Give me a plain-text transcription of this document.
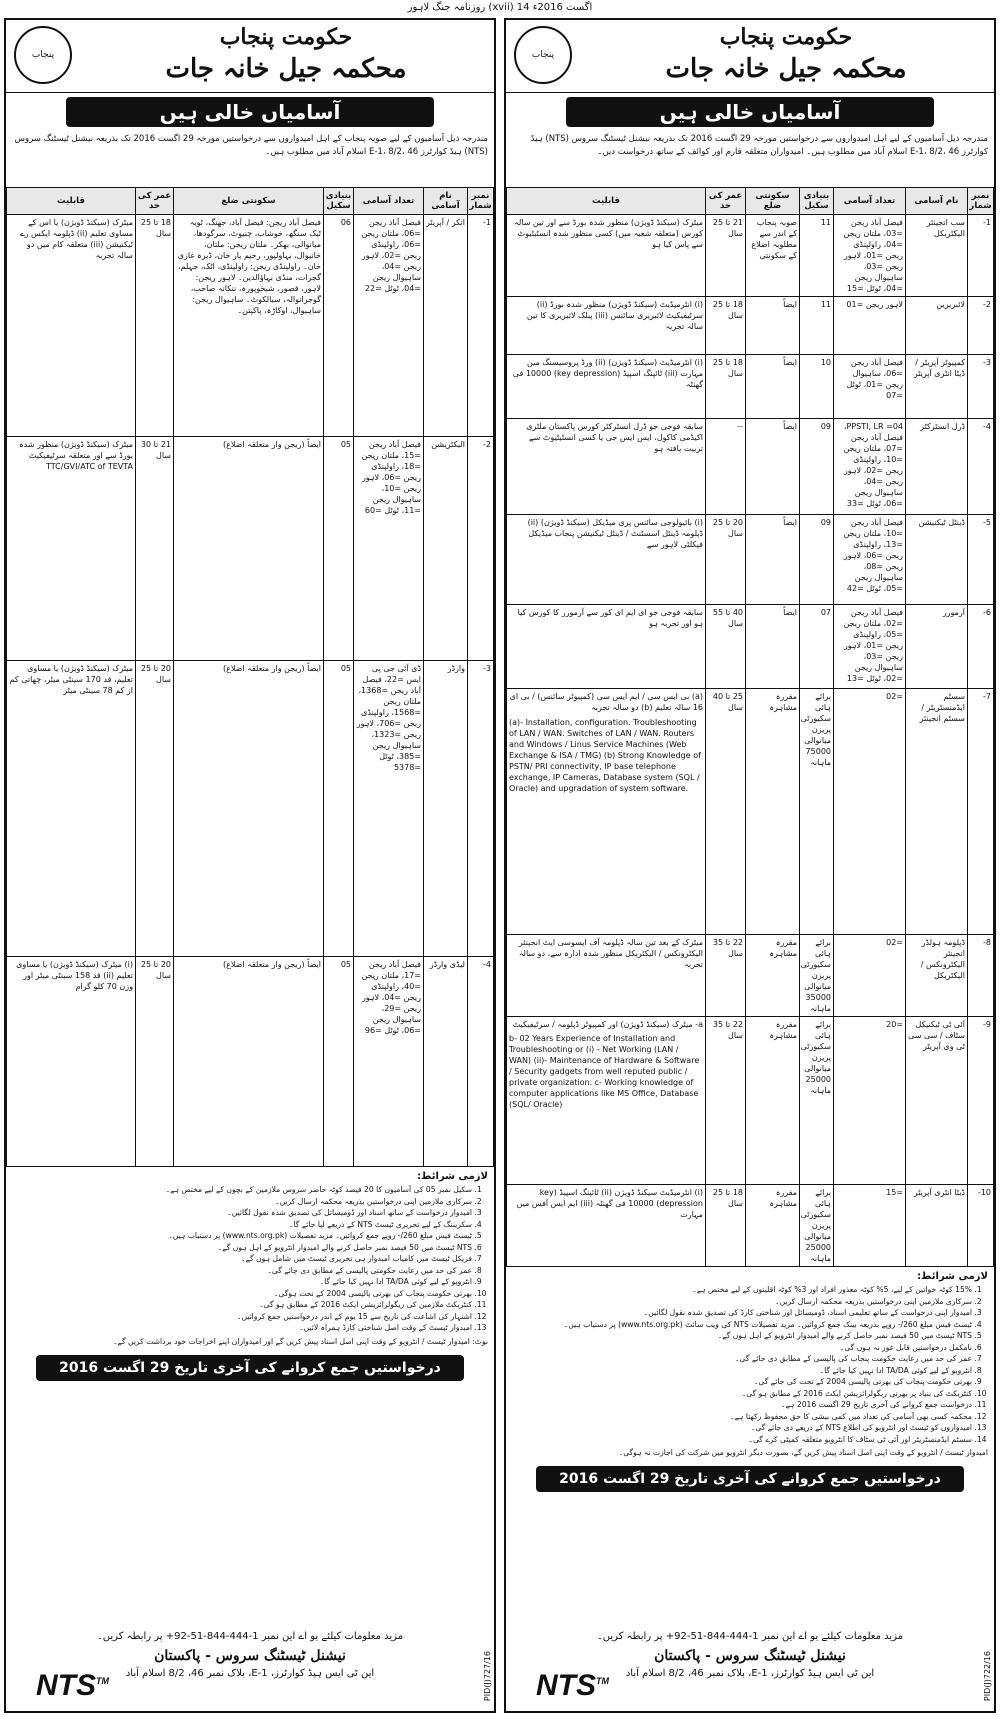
روزنامہ جنگ لاہور (xvii) 14 اگست 2016ء
پنجاب
حکومت پنجاب
محکمہ جیل خانہ جات
آسامیاں خالی ہیں
مندرجہ ذیل آسامیوں کے لیے اہل امیدواروں سے درخواستیں مورخہ 29 اگست 2016 تک بذریعہ نیشنل ٹیسٹنگ سروس (NTS) ہیڈ کوارٹرز E-1، 8/2، 46 اسلام آباد میں مطلوب ہیں۔ امیدواران متعلقہ فارم اور کوائف کے ساتھ درخواست دیں۔
نمبر شمار	نام آسامی	تعداد آسامی	بنیادی سکیل	سکونتی ضلع	عمر کی حد	قابلیت
1-	سب انجینئر الیکٹریکل	فیصل آباد ریجن =03، ملتان ریجن =04، راولپنڈی ریجن =01، لاہور ریجن =03، ساہیوال ریجن =04، ٹوٹل =15	11	صوبہ پنجاب کے اندر سے مطلوبہ اضلاع کے سکونتی	21 تا 25 سال	میٹرک (سیکنڈ ڈویژن) منظور شدہ بورڈ سے اور تین سالہ کورس (متعلقہ شعبہ میں) کسی منظور شدہ انسٹیٹیوٹ سے پاس کیا ہو
2-	لائبریرین	لاہور ریجن =01	11	ایضاً	18 تا 25 سال	(i) انٹرمیڈیٹ (سیکنڈ ڈویژن) منظور شدہ بورڈ (ii) سرٹیفیکیٹ لائبریری سائنس (iii) پبلک لائبریری کا تین سالہ تجربہ
3-	کمپیوٹر آپریٹر / ڈیٹا انٹری آپریٹر	فیصل آباد ریجن =06، ساہیوال ریجن =01، ٹوٹل =07	10	ایضاً	18 تا 25 سال	(i) انٹرمیڈیٹ (سیکنڈ ڈویژن) (ii) ورڈ پروسیسنگ میں مہارت (iii) ٹائپنگ اسپیڈ (key depression) 10000 فی گھنٹہ
4-	ڈرل انسٹرکٹر	PPSTI, LR =04، فیصل آباد ریجن =07، ملتان ریجن =10، راولپنڈی ریجن =02، لاہور ریجن =04، ساہیوال ریجن =06، ٹوٹل =33	09	ایضاً	--	سابقہ فوجی جو ڈرل انسٹرکٹر کورس پاکستان ملٹری اکیڈمی کاکول، ایس ایس جی یا کسی انسٹیٹیوٹ سے تربیت یافتہ ہو
5-	ڈینٹل ٹیکنیشن	فیصل آباد ریجن =10، ملتان ریجن =13، راولپنڈی ریجن =06، لاہور ریجن =08، ساہیوال ریجن =05، ٹوٹل =42	09	ایضاً	20 تا 25 سال	(i) بائیولوجی سائنس پری میڈیکل (سیکنڈ ڈویژن) (ii) ڈپلومہ ڈینٹل اسسٹنٹ / ڈینٹل ٹیکنیشن پنجاب میڈیکل فیکلٹی لاہور سے
6-	آرمورر	فیصل آباد ریجن =02، ملتان ریجن =05، راولپنڈی ریجن =01، لاہور ریجن =03، ساہیوال ریجن =02، ٹوٹل =13	07	ایضاً	40 تا 55 سال	سابقہ فوجی جو ای ایم ای کور سے آرمورر کا کورس کیا ہو اور تجربہ ہو
7-	سسٹم ایڈمنسٹریٹر / سسٹم انجینئر	=02	برائے ہائی سکیورٹی پریزن میانوالی 75000 ماہانہ	مقررہ مشاہرہ	25 تا 40 سال	(a) بی ایس سی / ایم ایس سی (کمپیوٹر سائنس) / بی ای 16 سالہ تعلیم (b) دو سالہ تجربہ
(a)- Installation, configuration. Troubleshooting of LAN / WAN. Switches of LAN / WAN. Routers and Windows / Linus Service Machines (Web Exchange & ISA / TMG) (b) Strong Knowledge of PSTN/ PRI connectivity, IP base telephone exchange, IP Cameras, Database system (SQL / Oracle) and upgradation of system software.

8-	ڈپلومہ ہولڈر انجینئر الیکٹرونکس / الیکٹریکل	=02	برائے ہائی سکیورٹی پریزن میانوالی 35000 ماہانہ	مقررہ مشاہرہ	22 تا 35 سال	میٹرک کے بعد تین سالہ ڈپلومہ آف ایسوسی ایٹ انجینئر الیکٹرونکس / الیکٹریکل منظور شدہ ادارہ سے، دو سالہ تجربہ
9-	آئی ٹی ٹیکنیکل سٹاف / سی سی ٹی وی آپریٹر	=20	برائے ہائی سکیورٹی پریزن میانوالی 25000 ماہانہ	مقررہ مشاہرہ	22 تا 35 سال	a- میٹرک (سیکنڈ ڈویژن) اور کمپیوٹر ڈپلومہ / سرٹیفیکیٹ
b- 02 Years Experience of Installation and Troubleshooting or (i) - Net Working (LAN / WAN) (ii)- Maintenance of Hardware & Software / Security gadgets from well reputed public / private organization. c- Working knowledge of computer applications like MS Office, Database (SQL/ Oracle)

10-	ڈیٹا انٹری آپریٹر	=15	برائے ہائی سکیورٹی پریزن میانوالی 25000 ماہانہ	مقررہ مشاہرہ	18 تا 25 سال	(i) انٹرمیڈیٹ سیکنڈ ڈویژن (ii) ٹائپنگ اسپیڈ (key depression) 10000 فی گھنٹہ (iii) ایم ایس آفس میں مہارت
لازمی شرائط:
1. 15% کوٹہ خواتین کے لیے، 5% کوٹہ معذور افراد اور 3% کوٹہ اقلیتوں کے لیے مختص ہے۔
2. سرکاری ملازمین اپنی درخواستیں بذریعہ محکمہ ارسال کریں۔
3. امیدوار اپنی درخواست کے ساتھ تعلیمی اسناد، ڈومیسائل اور شناختی کارڈ کی تصدیق شدہ نقول لگائیں۔
4. ٹیسٹ فیس مبلغ 260/- روپے بذریعہ بینک جمع کروائیں۔ مزید تفصیلات NTS کی ویب سائٹ (www.nts.org.pk) پر دستیاب ہیں۔
5. NTS ٹیسٹ میں 50 فیصد نمبر حاصل کرنے والے امیدوار انٹرویو کے اہل ہوں گے۔
6. نامکمل درخواستیں قابل غور نہ ہوں گی۔
7. عمر کی حد میں رعایت حکومت پنجاب کی پالیسی کے مطابق دی جائے گی۔
8. انٹرویو کے لیے کوئی TA/DA ادا نہیں کیا جائے گا۔
9. بھرتی حکومت پنجاب کی بھرتی پالیسی 2004 کے تحت کی جائے گی۔
10. کنٹریکٹ کی بنیاد پر بھرتی ریگولرائزیشن ایکٹ 2016 کے مطابق ہو گی۔
11. درخواست جمع کروانے کی آخری تاریخ 29 اگست 2016 ہے۔
12. محکمہ کسی بھی آسامی کی تعداد میں کمی بیشی کا حق محفوظ رکھتا ہے۔
13. امیدواروں کو ٹیسٹ اور انٹرویو کی اطلاع NTS کے ذریعے دی جائے گی۔
14. سسٹم ایڈمنسٹریٹر اور آئی ٹی سٹاف کا انٹرویو متعلقہ کمیٹی کرے گی۔
امیدوار ٹیسٹ / انٹرویو کے وقت اپنی اصل اسناد پیش کریں گے، بصورت دیگر انٹرویو میں شرکت کی اجازت نہ ہوگی۔
درخواستیں جمع کروانے کی آخری تاریخ 29 اگست 2016
مزید معلومات کیلئے یو اے این نمبر 1-444-844-51-92+ پر رابطہ کریں۔
نیشنل ٹیسٹنگ سروس - پاکستان
این ٹی ایس ہیڈ کوارٹرز، E-1، بلاک نمبر 46، 8/2 اسلام آباد
NTS™	PID(J)722/16
پنجاب
حکومت پنجاب
محکمہ جیل خانہ جات
آسامیاں خالی ہیں
مندرجہ ذیل آسامیوں کے لیے صوبہ پنجاب کے اہل امیدواروں سے درخواستیں مورخہ 29 اگست 2016 تک بذریعہ نیشنل ٹیسٹنگ سروس (NTS) ہیڈ کوارٹرز E-1، 8/2، 46 اسلام آباد میں مطلوب ہیں۔
نمبر شمار	نام آسامی	تعداد آسامی	بنیادی سکیل	سکونتی ضلع	عمر کی حد	قابلیت
1-	انکر / آپریٹر	فیصل آباد ریجن =06، ملتان ریجن =06، راولپنڈی ریجن =02، لاہور ریجن =04، ساہیوال ریجن =04، ٹوٹل =22	06	فیصل آباد ریجن: فیصل آباد، جھنگ، ٹوبہ ٹیک سنگھ، خوشاب، چنیوٹ، سرگودھا، میانوالی، بھکر۔ ملتان ریجن: ملتان، خانیوال، بہاولپور، رحیم یار خان، ڈیرہ غازی خان۔ راولپنڈی ریجن: راولپنڈی، اٹک، جہلم، گجرات، منڈی بہاؤالدین۔ لاہور ریجن: لاہور، قصور، شیخوپورہ، ننکانہ صاحب، گوجرانوالہ، سیالکوٹ۔ ساہیوال ریجن: ساہیوال، اوکاڑہ، پاکپتن۔	18 تا 25 سال	میٹرک (سیکنڈ ڈویژن) یا اس کے مساوی تعلیم (ii) ڈپلومہ ایکس رے ٹیکنیشن (iii) متعلقہ کام میں دو سالہ تجربہ
2-	الیکٹریشن	فیصل آباد ریجن =15، ملتان ریجن =18، راولپنڈی ریجن =06، لاہور ریجن =10، ساہیوال ریجن =11، ٹوٹل =60	05	ایضاً (ریجن وار متعلقہ اضلاع)	21 تا 30 سال	میٹرک (سیکنڈ ڈویژن) منظور شدہ بورڈ سے اور متعلقہ سرٹیفیکیٹ TTC/GVI/ATC of TEVTA
3-	وارڈر	ڈی آئی جی پی ایس =22، فیصل آباد ریجن =1368، ملتان ریجن =1568، راولپنڈی ریجن =706، لاہور ریجن =1323، ساہیوال ریجن =385، ٹوٹل =5378	05	ایضاً (ریجن وار متعلقہ اضلاع)	20 تا 25 سال	میٹرک (سیکنڈ ڈویژن) یا مساوی تعلیم، قد 170 سینٹی میٹر، چھاتی کم از کم 78 سینٹی میٹر
4-	لیڈی وارڈر	فیصل آباد ریجن =17، ملتان ریجن =40، راولپنڈی ریجن =04، لاہور ریجن =29، ساہیوال ریجن =06، ٹوٹل =96	05	ایضاً (ریجن وار متعلقہ اضلاع)	20 تا 25 سال	(i) میٹرک (سیکنڈ ڈویژن) یا مساوی تعلیم (ii) قد 158 سینٹی میٹر اور وزن 70 کلو گرام
لازمی شرائط:
1. سکیل نمبر 05 کی آسامیوں کا 20 فیصد کوٹہ حاضر سروس ملازمین کے بچوں کے لیے مختص ہے۔
2. سرکاری ملازمین اپنی درخواستیں بذریعہ محکمہ ارسال کریں۔
3. امیدوار درخواست کے ساتھ اسناد اور ڈومیسائل کی تصدیق شدہ نقول لگائیں۔
4. سکریننگ کے لیے تحریری ٹیسٹ NTS کے ذریعے لیا جائے گا۔
5. ٹیسٹ فیس مبلغ 260/- روپے جمع کروائیں۔ مزید تفصیلات (www.nts.org.pk) پر دستیاب ہیں۔
6. NTS ٹیسٹ میں 50 فیصد نمبر حاصل کرنے والے امیدوار انٹرویو کے اہل ہوں گے۔
7. فزیکل ٹیسٹ میں کامیاب امیدوار ہی تحریری ٹیسٹ میں شامل ہوں گے۔
8. عمر کی حد میں رعایت حکومتی پالیسی کے مطابق دی جائے گی۔
9. انٹرویو کے لیے کوئی TA/DA ادا نہیں کیا جائے گا۔
10. بھرتی حکومت پنجاب کی بھرتی پالیسی 2004 کے تحت ہوگی۔
11. کنٹریکٹ ملازمین کی ریگولرائزیشن ایکٹ 2016 کے مطابق ہو گی۔
12. اشتہار کی اشاعت کی تاریخ سے 15 یوم کے اندر درخواستیں جمع کروائیں۔
13. امیدوار ٹیسٹ کے وقت اصل شناختی کارڈ ہمراہ لائیں۔
نوٹ: امیدوار ٹیسٹ / انٹرویو کے وقت اپنی اصل اسناد پیش کریں گے اور امیدواران اپنے اخراجات خود برداشت کریں گے۔
درخواستیں جمع کروانے کی آخری تاریخ 29 اگست 2016
مزید معلومات کیلئے یو اے این نمبر 1-444-844-51-92+ پر رابطہ کریں۔
نیشنل ٹیسٹنگ سروس - پاکستان
این ٹی ایس ہیڈ کوارٹرز، E-1، بلاک نمبر 46، 8/2 اسلام آباد
NTS™	PID(J)727/16
